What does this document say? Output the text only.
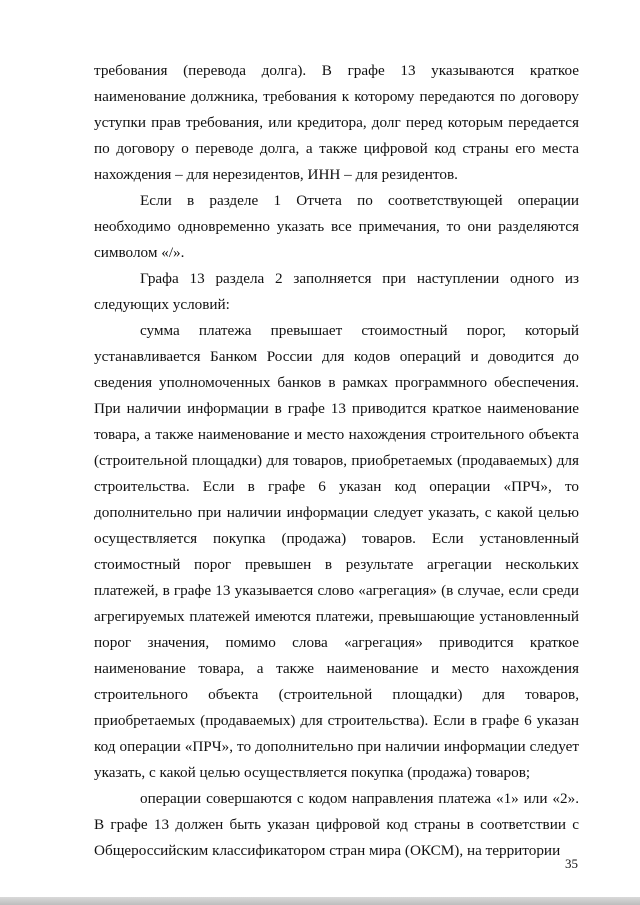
требования (перевода долга). В графе 13 указываются краткое наименование должника, требования к которому передаются по договору уступки прав требования, или кредитора, долг перед которым передается по договору о переводе долга, а также цифровой код страны его места нахождения – для нерезидентов, ИНН – для резидентов.

Если в разделе 1 Отчета по соответствующей операции необходимо одновременно указать все примечания, то они разделяются символом «/».

Графа 13 раздела 2 заполняется при наступлении одного из следующих условий:

сумма платежа превышает стоимостный порог, который устанавливается Банком России для кодов операций и доводится до сведения уполномоченных банков в рамках программного обеспечения. При наличии информации в графе 13 приводится краткое наименование товара, а также наименование и место нахождения строительного объекта (строительной площадки) для товаров, приобретаемых (продаваемых) для строительства. Если в графе 6 указан код операции «ПРЧ», то дополнительно при наличии информации следует указать, с какой целью осуществляется покупка (продажа) товаров. Если установленный стоимостный порог превышен в результате агрегации нескольких платежей, в графе 13 указывается слово «агрегация» (в случае, если среди агрегируемых платежей имеются платежи, превышающие установленный порог значения, помимо слова «агрегация» приводится краткое наименование товара, а также наименование и место нахождения строительного объекта (строительной площадки) для товаров, приобретаемых (продаваемых) для строительства). Если в графе 6 указан код операции «ПРЧ», то дополнительно при наличии информации следует указать, с какой целью осуществляется покупка (продажа) товаров;

операции совершаются с кодом направления платежа «1» или «2». В графе 13 должен быть указан цифровой код страны в соответствии с Общероссийским классификатором стран мира (ОКСМ), на территории

35
